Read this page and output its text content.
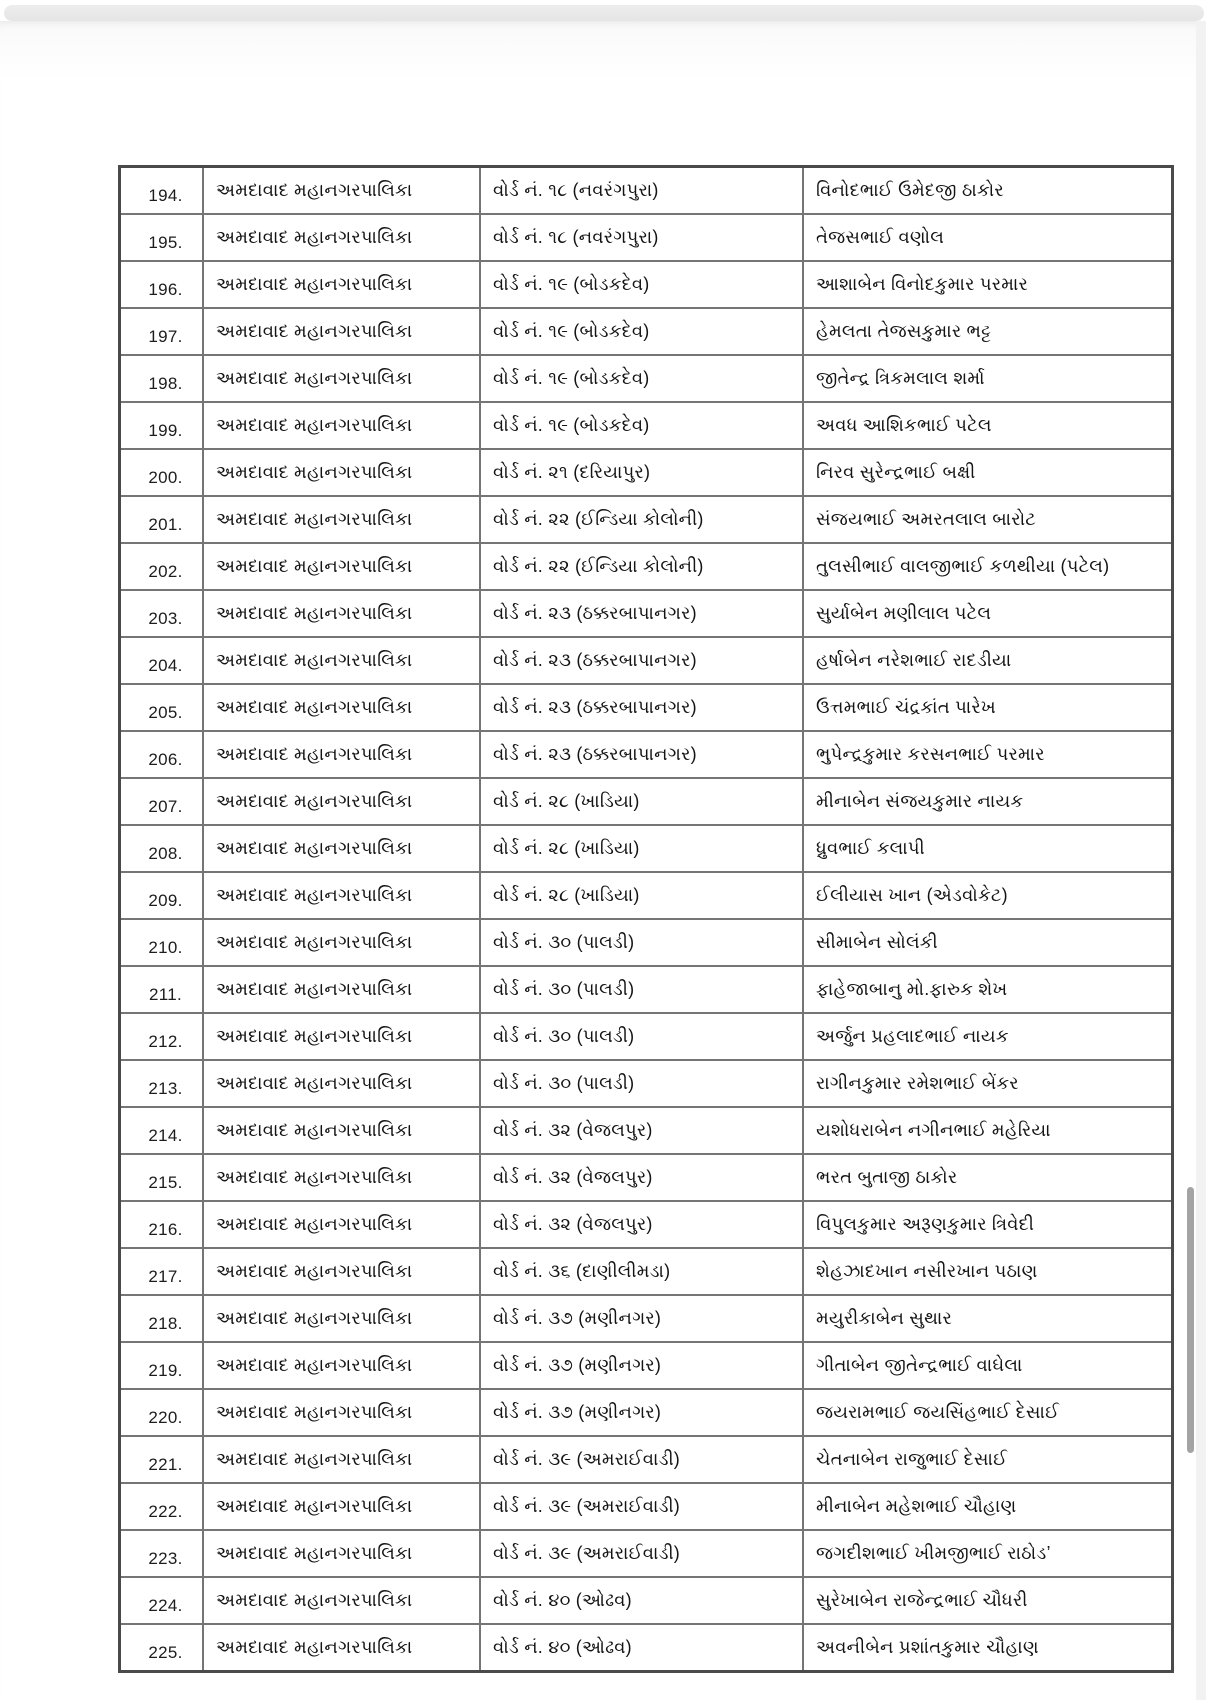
194.	અમદાવાદ મહાનગરપાલિકા	વોર્ડ નં. ૧૮ (નવરંગપુરા)	વિનોદભાઈ ઉમેદજી ઠાકોર
195.	અમદાવાદ મહાનગરપાલિકા	વોર્ડ નં. ૧૮ (નવરંગપુરા)	તેજસભાઈ વણોલ
196.	અમદાવાદ મહાનગરપાલિકા	વોર્ડ નં. ૧૯ (બોડકદેવ)	આશાબેન વિનોદકુમાર પરમાર
197.	અમદાવાદ મહાનગરપાલિકા	વોર્ડ નં. ૧૯ (બોડકદેવ)	હેમલતા તેજસકુમાર ભટ્ટ
198.	અમદાવાદ મહાનગરપાલિકા	વોર્ડ નં. ૧૯ (બોડકદેવ)	જીતેન્દ્ર ત્રિકમલાલ શર્મા
199.	અમદાવાદ મહાનગરપાલિકા	વોર્ડ નં. ૧૯ (બોડકદેવ)	અવધ આશિકભાઈ પટેલ
200.	અમદાવાદ મહાનગરપાલિકા	વોર્ડ નં. ૨૧ (દરિયાપુર)	નિરવ સુરેન્દ્રભાઈ બક્ષી
201.	અમદાવાદ મહાનગરપાલિકા	વોર્ડ નં. ૨૨ (ઈન્ડિયા કોલોની)	સંજયભાઈ અમરતલાલ બારોટ
202.	અમદાવાદ મહાનગરપાલિકા	વોર્ડ નં. ૨૨ (ઈન્ડિયા કોલોની)	તુલસીભાઈ વાલજીભાઈ કળથીયા (પટેલ)
203.	અમદાવાદ મહાનગરપાલિકા	વોર્ડ નં. ૨૩ (ઠક્કરબાપાનગર)	સુર્યાબેન મણીલાલ પટેલ
204.	અમદાવાદ મહાનગરપાલિકા	વોર્ડ નં. ૨૩ (ઠક્કરબાપાનગર)	હર્ષાબેન નરેશભાઈ રાદડીયા
205.	અમદાવાદ મહાનગરપાલિકા	વોર્ડ નં. ૨૩ (ઠક્કરબાપાનગર)	ઉત્તમભાઈ ચંદ્રકાંત પારેખ
206.	અમદાવાદ મહાનગરપાલિકા	વોર્ડ નં. ૨૩ (ઠક્કરબાપાનગર)	ભુપેન્દ્રકુમાર કરસનભાઈ પરમાર
207.	અમદાવાદ મહાનગરપાલિકા	વોર્ડ નં. ૨૮ (ખાડિયા)	મીનાબેન સંજયકુમાર નાયક
208.	અમદાવાદ મહાનગરપાલિકા	વોર્ડ નં. ૨૮ (ખાડિયા)	ધ્રુવભાઈ કલાપી
209.	અમદાવાદ મહાનગરપાલિકા	વોર્ડ નં. ૨૮ (ખાડિયા)	ઈલીયાસ ખાન (એડવોકેટ)
210.	અમદાવાદ મહાનગરપાલિકા	વોર્ડ નં. ૩૦ (પાલડી)	સીમાબેન સોલંકી
211.	અમદાવાદ મહાનગરપાલિકા	વોર્ડ નં. ૩૦ (પાલડી)	ફાહેજાબાનુ મો.ફારુક શેખ
212.	અમદાવાદ મહાનગરપાલિકા	વોર્ડ નં. ૩૦ (પાલડી)	અર્જુન પ્રહલાદભાઈ નાયક
213.	અમદાવાદ મહાનગરપાલિકા	વોર્ડ નં. ૩૦ (પાલડી)	રાગીનકુમાર રમેશભાઈ બેંકર
214.	અમદાવાદ મહાનગરપાલિકા	વોર્ડ નં. ૩૨ (વેજલપુર)	યશોધરાબેન નગીનભાઈ મહેરિયા
215.	અમદાવાદ મહાનગરપાલિકા	વોર્ડ નં. ૩૨ (વેજલપુર)	ભરત બુતાજી ઠાકોર
216.	અમદાવાદ મહાનગરપાલિકા	વોર્ડ નં. ૩૨ (વેજલપુર)	વિપુલકુમાર અરૂણકુમાર ત્રિવેદી
217.	અમદાવાદ મહાનગરપાલિકા	વોર્ડ નં. ૩૬ (દાણીલીમડા)	શેહઝાદખાન નસીરખાન પઠાણ
218.	અમદાવાદ મહાનગરપાલિકા	વોર્ડ નં. ૩૭ (મણીનગર)	મયુરીકાબેન સુથાર
219.	અમદાવાદ મહાનગરપાલિકા	વોર્ડ નં. ૩૭ (મણીનગર)	ગીતાબેન જીતેન્દ્રભાઈ વાઘેલા
220.	અમદાવાદ મહાનગરપાલિકા	વોર્ડ નં. ૩૭ (મણીનગર)	જયરામભાઈ જયસિંહભાઈ દેસાઈ
221.	અમદાવાદ મહાનગરપાલિકા	વોર્ડ નં. ૩૯ (અમરાઈવાડી)	ચેતનાબેન રાજુભાઈ દેસાઈ
222.	અમદાવાદ મહાનગરપાલિકા	વોર્ડ નં. ૩૯ (અમરાઈવાડી)	મીનાબેન મહેશભાઈ ચૌહાણ
223.	અમદાવાદ મહાનગરપાલિકા	વોર્ડ નં. ૩૯ (અમરાઈવાડી)	જગદીશભાઈ ખીમજીભાઈ રાઠોડ’
224.	અમદાવાદ મહાનગરપાલિકા	વોર્ડ નં. ૪૦ (ઓઢવ)	સુરેખાબેન રાજેન્દ્રભાઈ ચૌધરી
225.	અમદાવાદ મહાનગરપાલિકા	વોર્ડ નં. ૪૦ (ઓઢવ)	અવનીબેન પ્રશાંતકુમાર ચૌહાણ
